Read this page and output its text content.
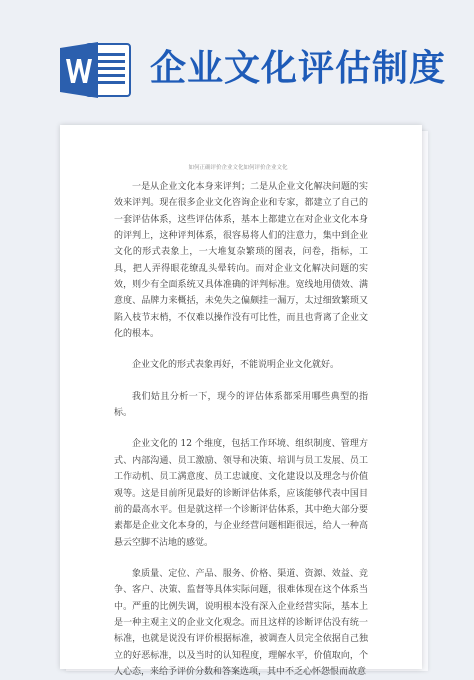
企业文化评估制度
如何正确评价企业文化如何评价企业文化

一是从企业文化本身来评判；二是从企业文化解决问题的实效来评判。现在很多企业文化咨询企业和专家，都建立了自己的一套评估体系，这些评估体系，基本上都建立在对企业文化本身的评判上，这种评判体系，很容易将人们的注意力，集中到企业文化的形式表象上，一大堆复杂繁琐的图表，问卷，指标，工具，把人弄得眼花缭乱头晕转向。而对企业文化解决问题的实效，则少有全面系统又具体准确的评判标准。宽线地用债效、满意度、品牌力来概括，未免失之偏颇挂一漏万，太过细致繁琐又陷入枝节末梢，不仅难以操作没有可比性，而且也背离了企业文化的根本。

企业文化的形式表象再好，不能说明企业文化就好。

我们姑且分析一下，现今的评估体系都采用哪些典型的指标。

企业文化的 12 个维度，包括工作环境、组织制度、管理方式、内部沟通、员工激励、领导和决策、培训与员工发展、员工工作动机、员工满意度、员工忠诚度、文化建设以及理念与价值观等。这是目前所见最好的诊断评估体系，应该能够代表中国目前的最高水平。但是就这样一个诊断评估体系，其中绝大部分要素都是企业文化本身的，与企业经营问题相距很远，给人一种高悬云空脚不沾地的感觉。

象质量、定位、产品、服务、价格、渠道、资源、效益、竞争、客户、决策、监督等具体实际问题，很难体现在这个体系当中。严重的比例失调，说明根本没有深入企业经营实际，基本上是一种主观主义的企业文化观念。而且这样的诊断评估没有统一标准，也就是说没有评价根据标准，被调查人员完全依据自己独立的好恶标准，以及当时的认知程度，理解水平，价值取向，个人心态，来给予评价分数和答案选项，其中不乏心怀怨恨而故意
